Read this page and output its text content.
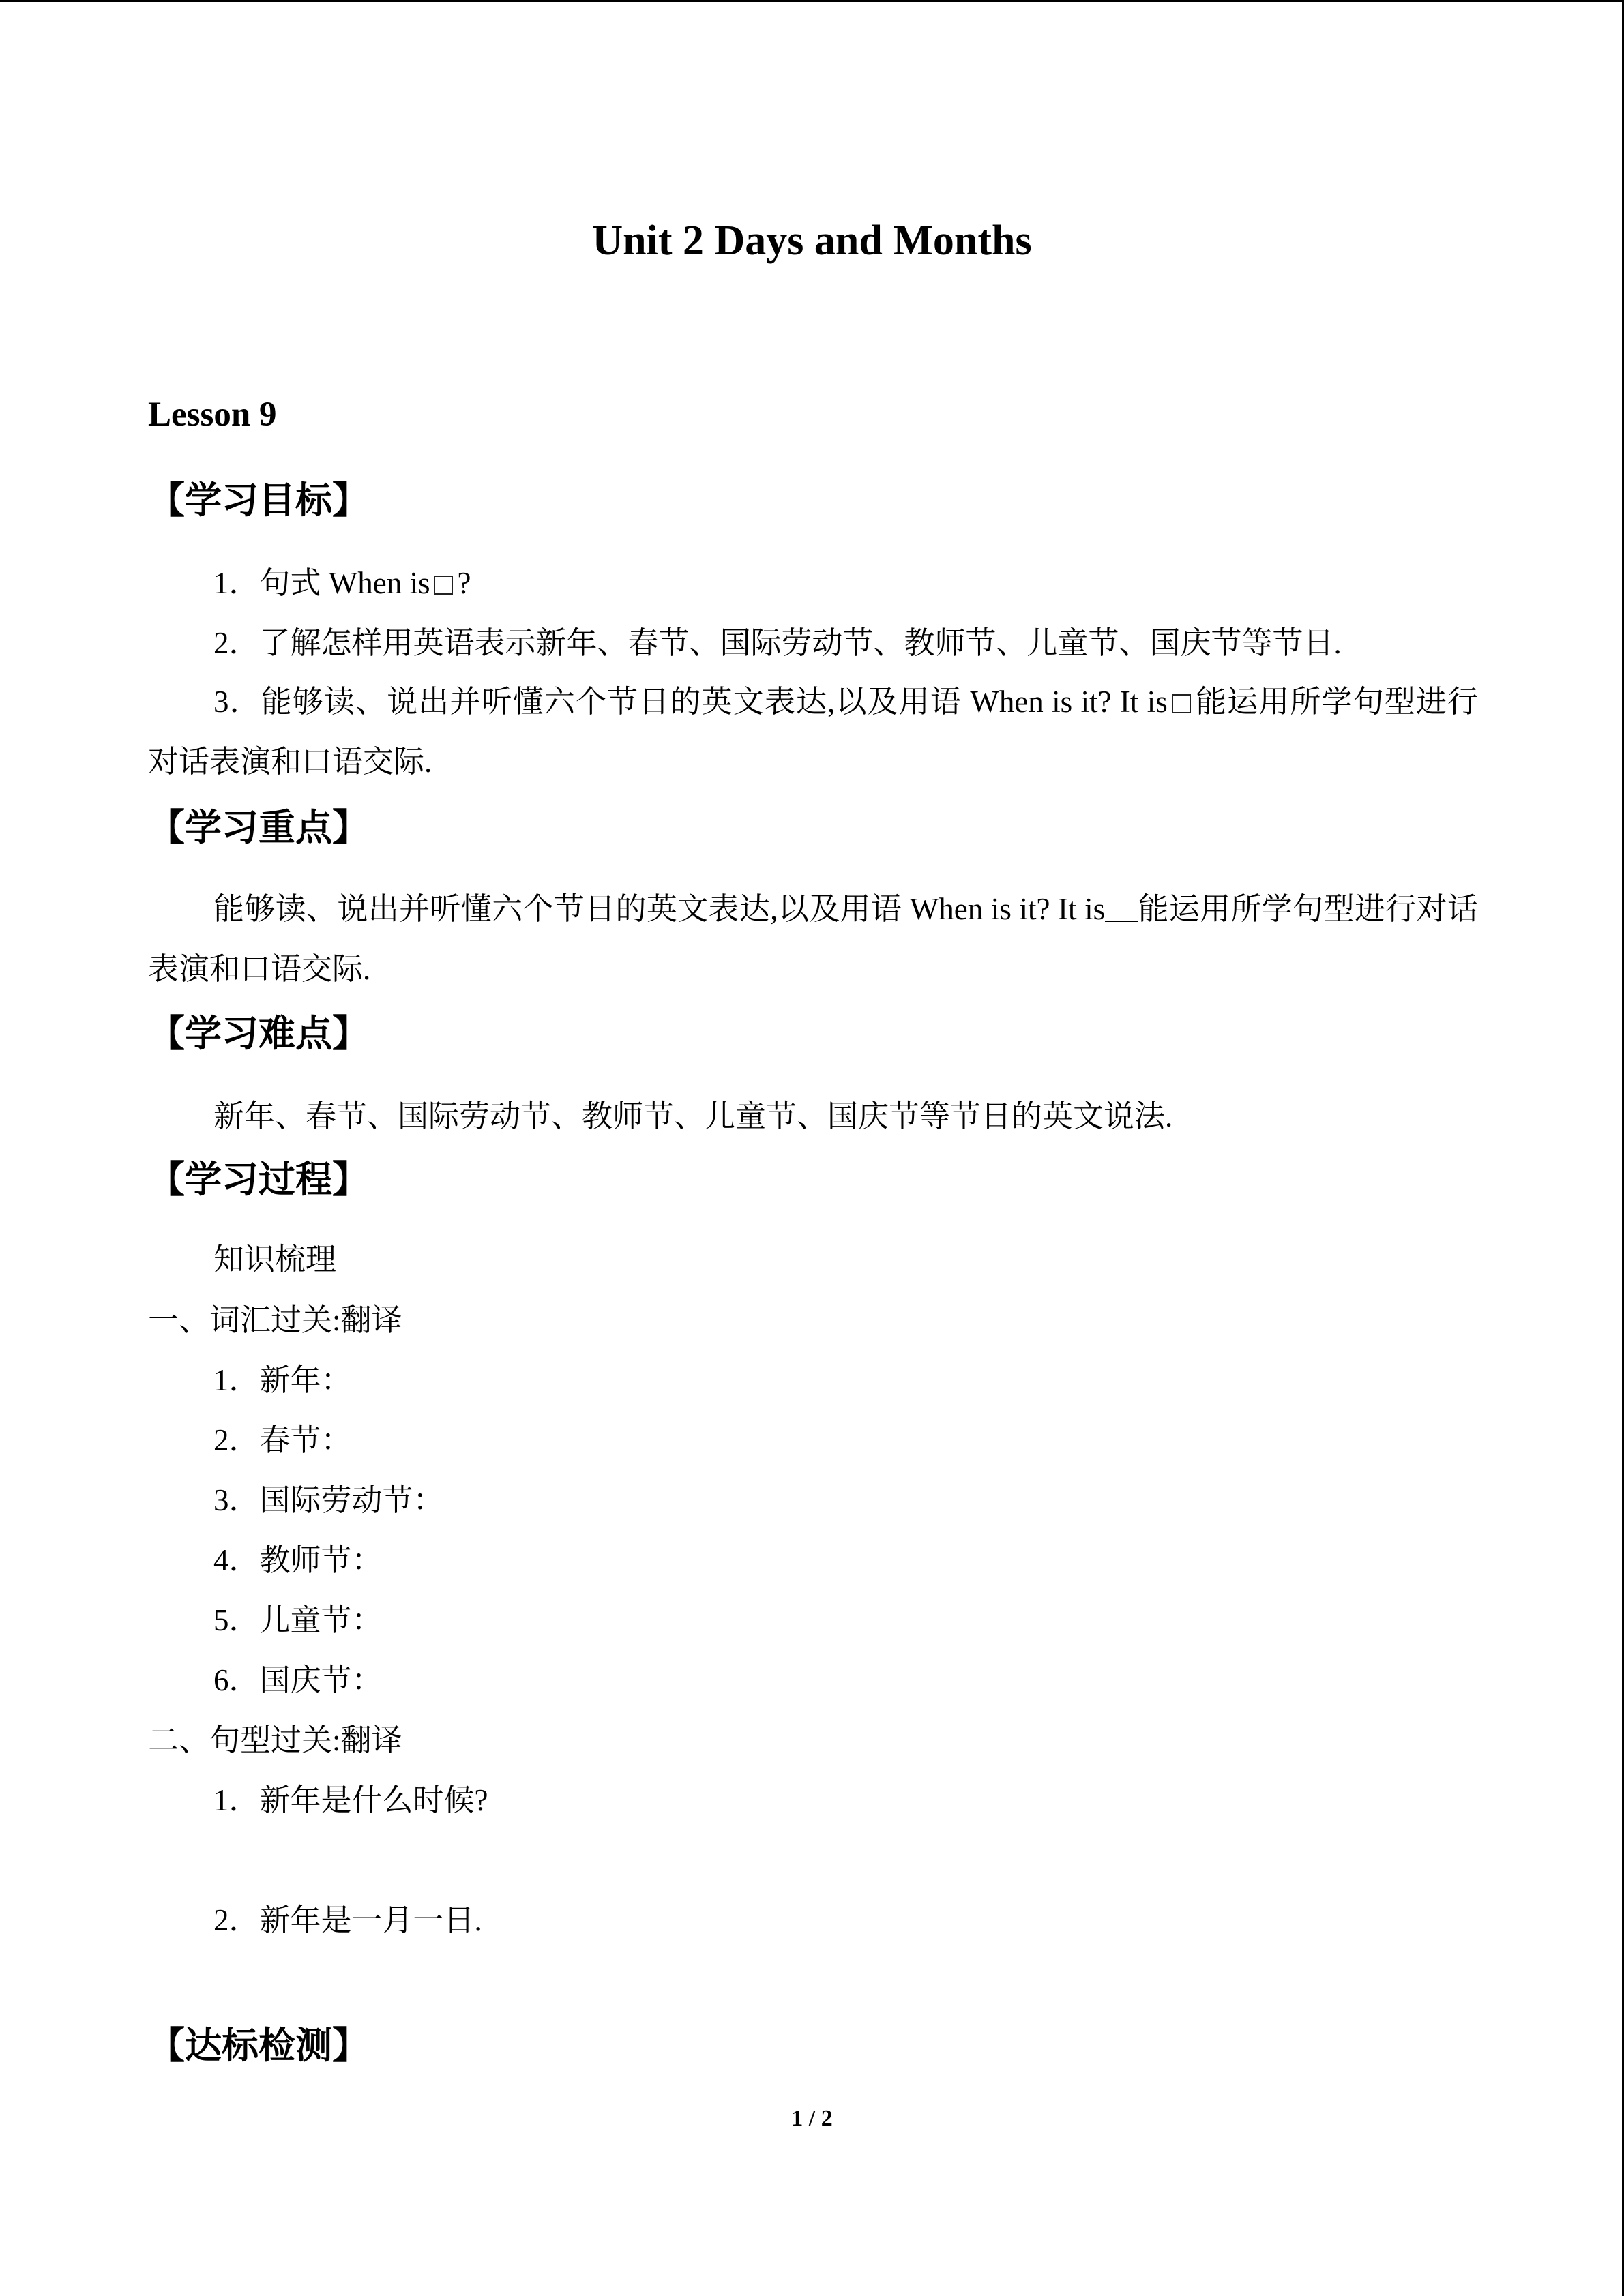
Unit 2 Days and Months
Lesson 9
【学习目标】
1．句式 When is ?
2．了解怎样用英语表示新年、春节、国际劳动节、教师节、儿童节、国庆节等节日.
3．能够读、说出并听懂六个节日的英文表达,以及用语 When is it? It is 能运用所学句型进行对话表演和口语交际.
【学习重点】
能够读、说出并听懂六个节日的英文表达,以及用语 When is it? It is 能运用所学句型进行对话表演和口语交际.
【学习难点】
新年、春节、国际劳动节、教师节、儿童节、国庆节等节日的英文说法.
【学习过程】
知识梳理
一、词汇过关:翻译
1．新年：
2．春节：
3．国际劳动节：
4．教师节：
5．儿童节：
6．国庆节：
二、句型过关:翻译
1．新年是什么时候?
2．新年是一月一日.
【达标检测】
1 / 2
